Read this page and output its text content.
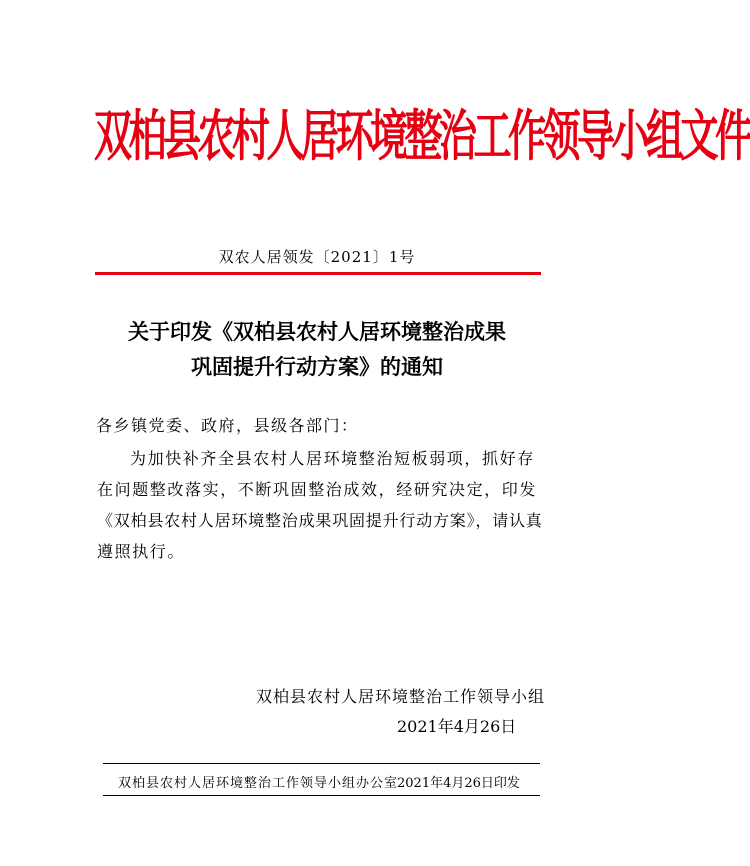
双柏县农村人居环境整治工作领导小组文件
双农人居领发〔2021〕1号
关于印发《双柏县农村人居环境整治成果
巩固提升行动方案》的通知
各乡镇党委、政府，县级各部门：
为加快补齐全县农村人居环境整治短板弱项，抓好存
在问题整改落实，不断巩固整治成效，经研究决定，印发
《双柏县农村人居环境整治成果巩固提升行动方案》，请认真
遵照执行。
双柏县农村人居环境整治工作领导小组
2021年4月26日
双柏县农村人居环境整治工作领导小组办公室
2021年4月26日印发
